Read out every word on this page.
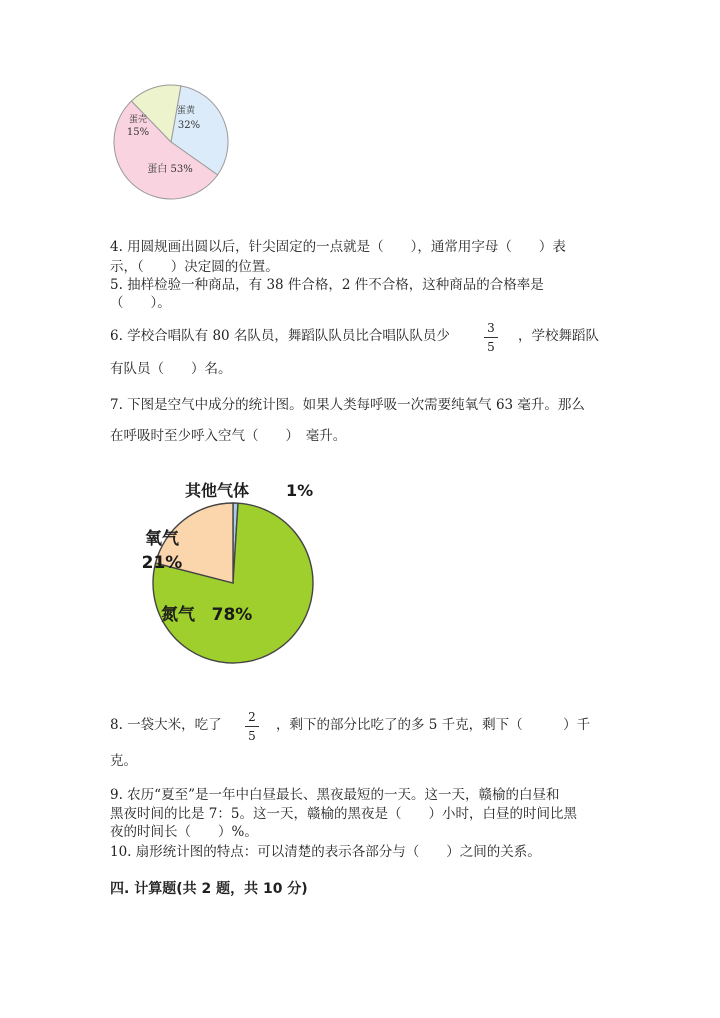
蛋黄
32%
蛋壳
15%
蛋白 53%
4. 用圆规画出圆以后，针尖固定的一点就是（　　），通常用字母（　　）表
示，（　　）决定圆的位置。
5. 抽样检验一种商品，有 38 件合格，2 件不合格，这种商品的合格率是
（　　）。
6. 学校合唱队有 80 名队员，舞蹈队队员比合唱队队员少	3
5
，学校舞蹈队
有队员（　　）名。
7. 下图是空气中成分的统计图。如果人类每呼吸一次需要纯氧气 63 毫升。那么
在呼吸时至少呼入空气（　　）　毫升。
其他气体 1%
氧气
21%
氮气 78%
8. 一袋大米，吃了 2
5
，剩下的部分比吃了的多 5 千克，剩下（　　　）千
克。
9. 农历“夏至”是一年中白昼最长、黑夜最短的一天。这一天，赣榆的白昼和
黑夜时间的比是 7：5。这一天，赣榆的黑夜是（　　）小时，白昼的时间比黑
夜的时间长（　　）%。
10. 扇形统计图的特点：可以清楚的表示各部分与（　　）之间的关系。
四. 计算题(共 2 题，共 10 分)
